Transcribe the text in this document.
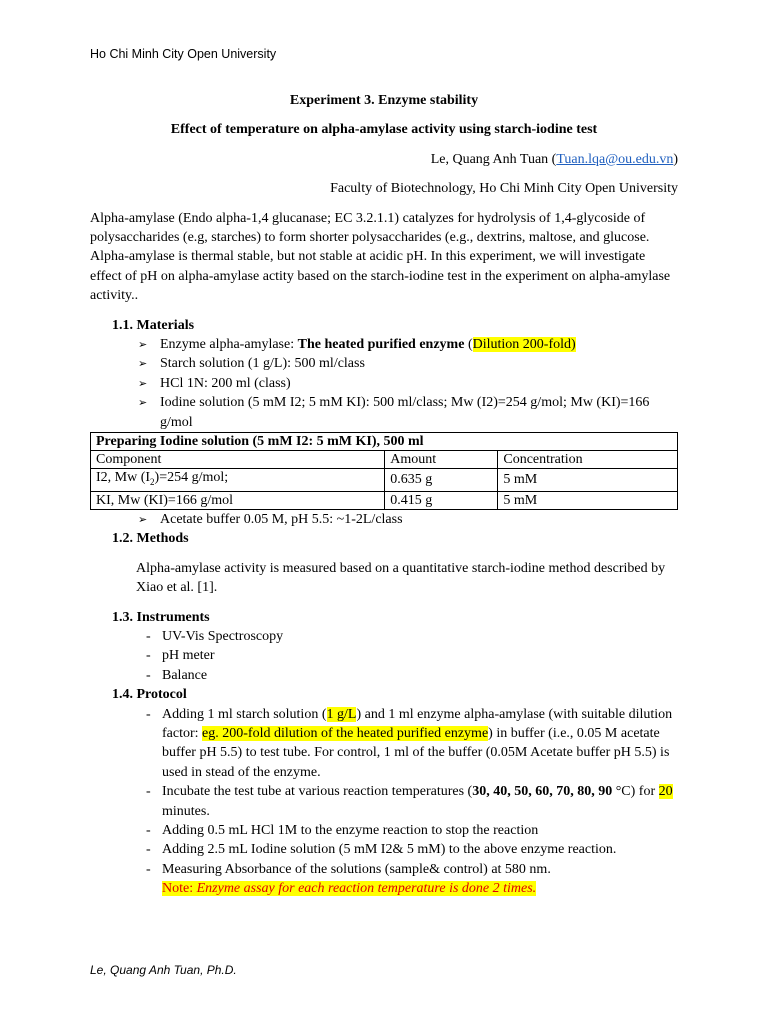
Ho Chi Minh City Open University

Experiment 3. Enzyme stability

Effect of temperature on alpha-amylase activity using starch-iodine test

Le, Quang Anh Tuan (Tuan.lqa@ou.edu.vn)

Faculty of Biotechnology, Ho Chi Minh City Open University

Alpha-amylase (Endo alpha-1,4 glucanase; EC 3.2.1.1) catalyzes for hydrolysis of 1,4-glycoside of polysaccharides (e.g, starches) to form shorter polysaccharides (e.g., dextrins, maltose, and glucose. Alpha-amylase is thermal stable, but not stable at acidic pH. In this experiment, we will investigate effect of pH on alpha-amylase actity based on the starch-iodine test in the experiment on alpha-amylase activity..

1.1. Materials

➢ Enzyme alpha-amylase: The heated purified enzyme (Dilution 200-fold)
➢ Starch solution (1 g/L): 500 ml/class
➢ HCl 1N: 200 ml (class)
➢ Iodine solution (5 mM I2; 5 mM KI): 500 ml/class; Mw (I2)=254 g/mol; Mw (KI)=166 g/mol
Preparing Iodine solution (5 mM I2: 5 mM KI), 500 ml		
Component	Amount	Concentration
I2, Mw $(I_2)=254$ g/mol;	0.635 g	5 mM
KI, Mw (KI)=166 g/mol	0.415 g	5 mM
➢ Acetate buffer 0.05 M, pH 5.5: ~1-2L/class

1.2. Methods

Alpha-amylase activity is measured based on a quantitative starch-iodine method described by Xiao et al. [1].

1.3. Instruments

- UV-Vis Spectroscopy
- pH meter
- Balance

1.4. Protocol

- Adding 1 ml starch solution (1 g/L) and 1 ml enzyme alpha-amylase (with suitable dilution factor: eg. 200-fold dilution of the heated purified enzyme) in buffer (i.e., 0.05 M acetate buffer pH 5.5) to test tube. For control, 1 ml of the buffer (0.05M Acetate buffer pH 5.5) is used in stead of the enzyme.
- Incubate the test tube at various reaction temperatures (30, 40, 50, 60, 70, 80, 90 °C) for 20 minutes.
- Adding 0.5 mL HCl 1M to the enzyme reaction to stop the reaction
- Adding 2.5 mL Iodine solution (5 mM I2& 5 mM) to the above enzyme reaction.
- Measuring Absorbance of the solutions (sample& control) at 580 nm.
Note: Enzyme assay for each reaction temperature is done 2 times.
Le, Quang Anh Tuan, Ph.D.
